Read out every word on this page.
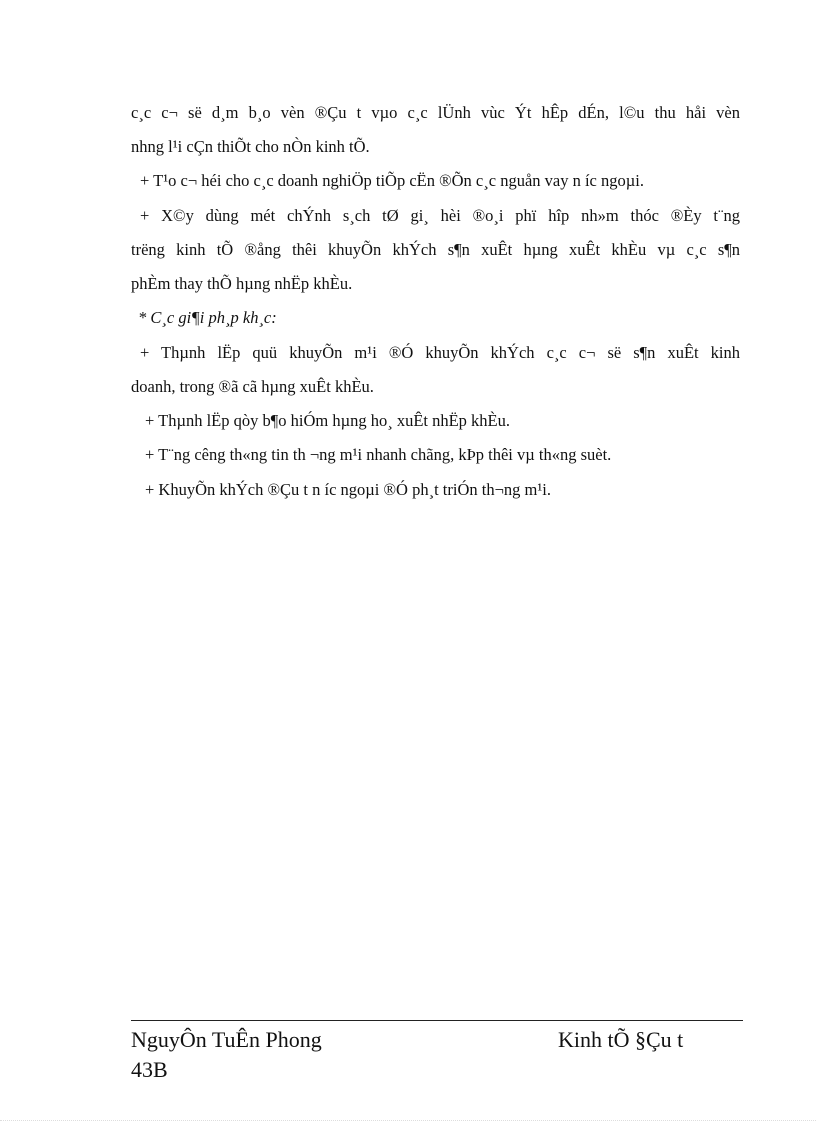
c¸c c¬ së d¸m b¸o vèn ®Çu t vµo c¸c lÜnh vùc Ýt hÊp dÉn, l©u thu håi vèn
nhng l¹i cÇn thiÕt cho nÒn kinh tÕ.
+ T¹o c¬ héi cho c¸c doanh nghiÖp tiÕp cËn ®Õn c¸c nguån vay n íc ngoµi.
+ X©y dùng mét chÝnh s¸ch tØ gi¸ hèi ®o¸i phï hîp nh»m thóc ®Èy t¨ng
trëng kinh tÕ ®ång thêi khuyÕn khÝch s¶n xuÊt hµng xuÊt khÈu vµ c¸c s¶n
phÈm thay thÕ hµng nhËp khÈu.
* C¸c gi¶i ph¸p kh¸c:
+ Thµnh lËp quü khuyÕn m¹i ®Ó khuyÕn khÝch c¸c c¬ së s¶n xuÊt kinh
doanh, trong ®ã cã hµng xuÊt khÈu.
+ Thµnh lËp qòy b¶o hiÓm hµng ho¸ xuÊt nhËp khÈu.
+ T¨ng cêng th«ng tin th ¬ng m¹i nhanh chãng, kÞp thêi vµ th«ng suèt.
+ KhuyÕn khÝch ®Çu t n íc ngoµi ®Ó ph¸t triÓn th¬ng m¹i.
NguyÔn TuÊn Phong	Kinh tÕ §Çu t
43B
